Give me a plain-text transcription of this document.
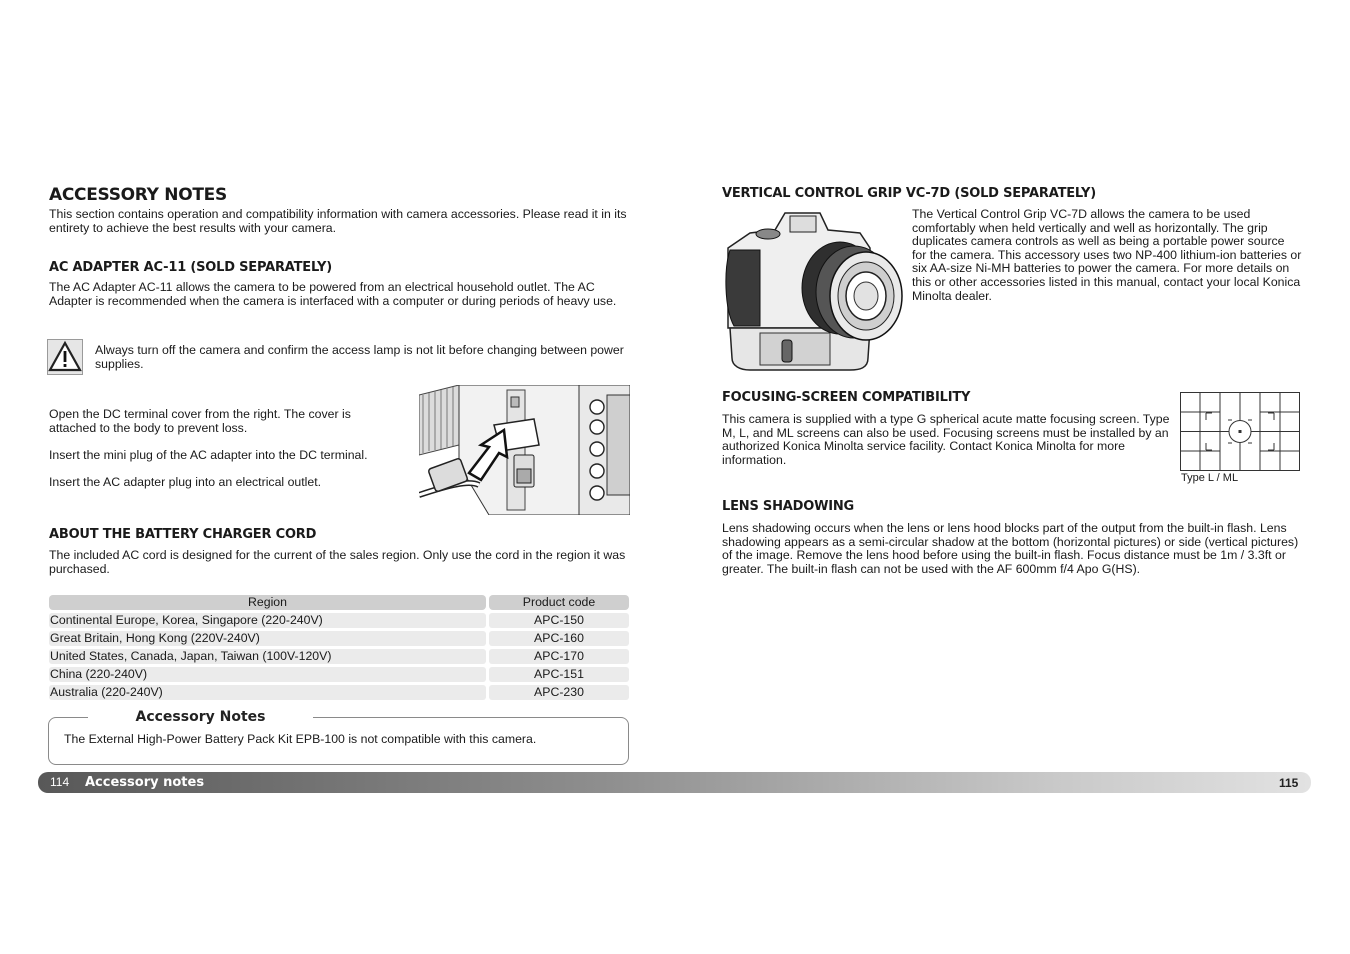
ACCESSORY NOTES
This section contains operation and compatibility information with camera accessories. Please read it in its entirety to achieve the best results with your camera.
AC ADAPTER AC-11 (SOLD SEPARATELY)
The AC Adapter AC-11 allows the camera to be powered from an electrical household outlet. The AC Adapter is recommended when the camera is interfaced with a computer or during periods of heavy use.
Always turn off the camera and confirm the access lamp is not lit before changing between power supplies.
Open the DC terminal cover from the right. The cover is attached to the body to prevent loss.
Insert the mini plug of the AC adapter into the DC terminal.
Insert the AC adapter plug into an electrical outlet.
ABOUT THE BATTERY CHARGER CORD
The included AC cord is designed for the current of the sales region. Only use the cord in the region it was purchased.
Region		Product code
Continental Europe, Korea, Singapore (220-240V)		APC-150
Great Britain, Hong Kong (220V-240V)		APC-160
United States, Canada, Japan, Taiwan (100V-120V)		APC-170
China (220-240V)		APC-151
Australia (220-240V)		APC-230
The External High-Power Battery Pack Kit EPB-100 is not compatible with this camera.
Accessory Notes
VERTICAL CONTROL GRIP VC-7D (SOLD SEPARATELY)
The Vertical Control Grip VC-7D allows the camera to be used comfortably when held vertically and well as horizontally. The grip duplicates camera controls as well as being a portable power source for the camera. This accessory uses two NP-400 lithium-ion batteries or six AA-size Ni-MH batteries to power the camera. For more details on this or other accessories listed in this manual, contact your local Konica Minolta dealer.
FOCUSING-SCREEN COMPATIBILITY
This camera is supplied with a type G spherical acute matte focusing screen. Type M, L, and ML screens can also be used. Focusing screens must be installed by an authorized Konica Minolta service facility. Contact Konica Minolta for more information.
Type L / ML
LENS SHADOWING
Lens shadowing occurs when the lens or lens hood blocks part of the output from the built-in flash. Lens shadowing appears as a semi-circular shadow at the bottom (horizontal pictures) or side (vertical pictures) of the image. Remove the lens hood before using the built-in flash. Focus distance must be 1m / 3.3ft or greater. The built-in flash can not be used with the AF 600mm f/4 Apo G(HS).
114 Accessory notes	115
